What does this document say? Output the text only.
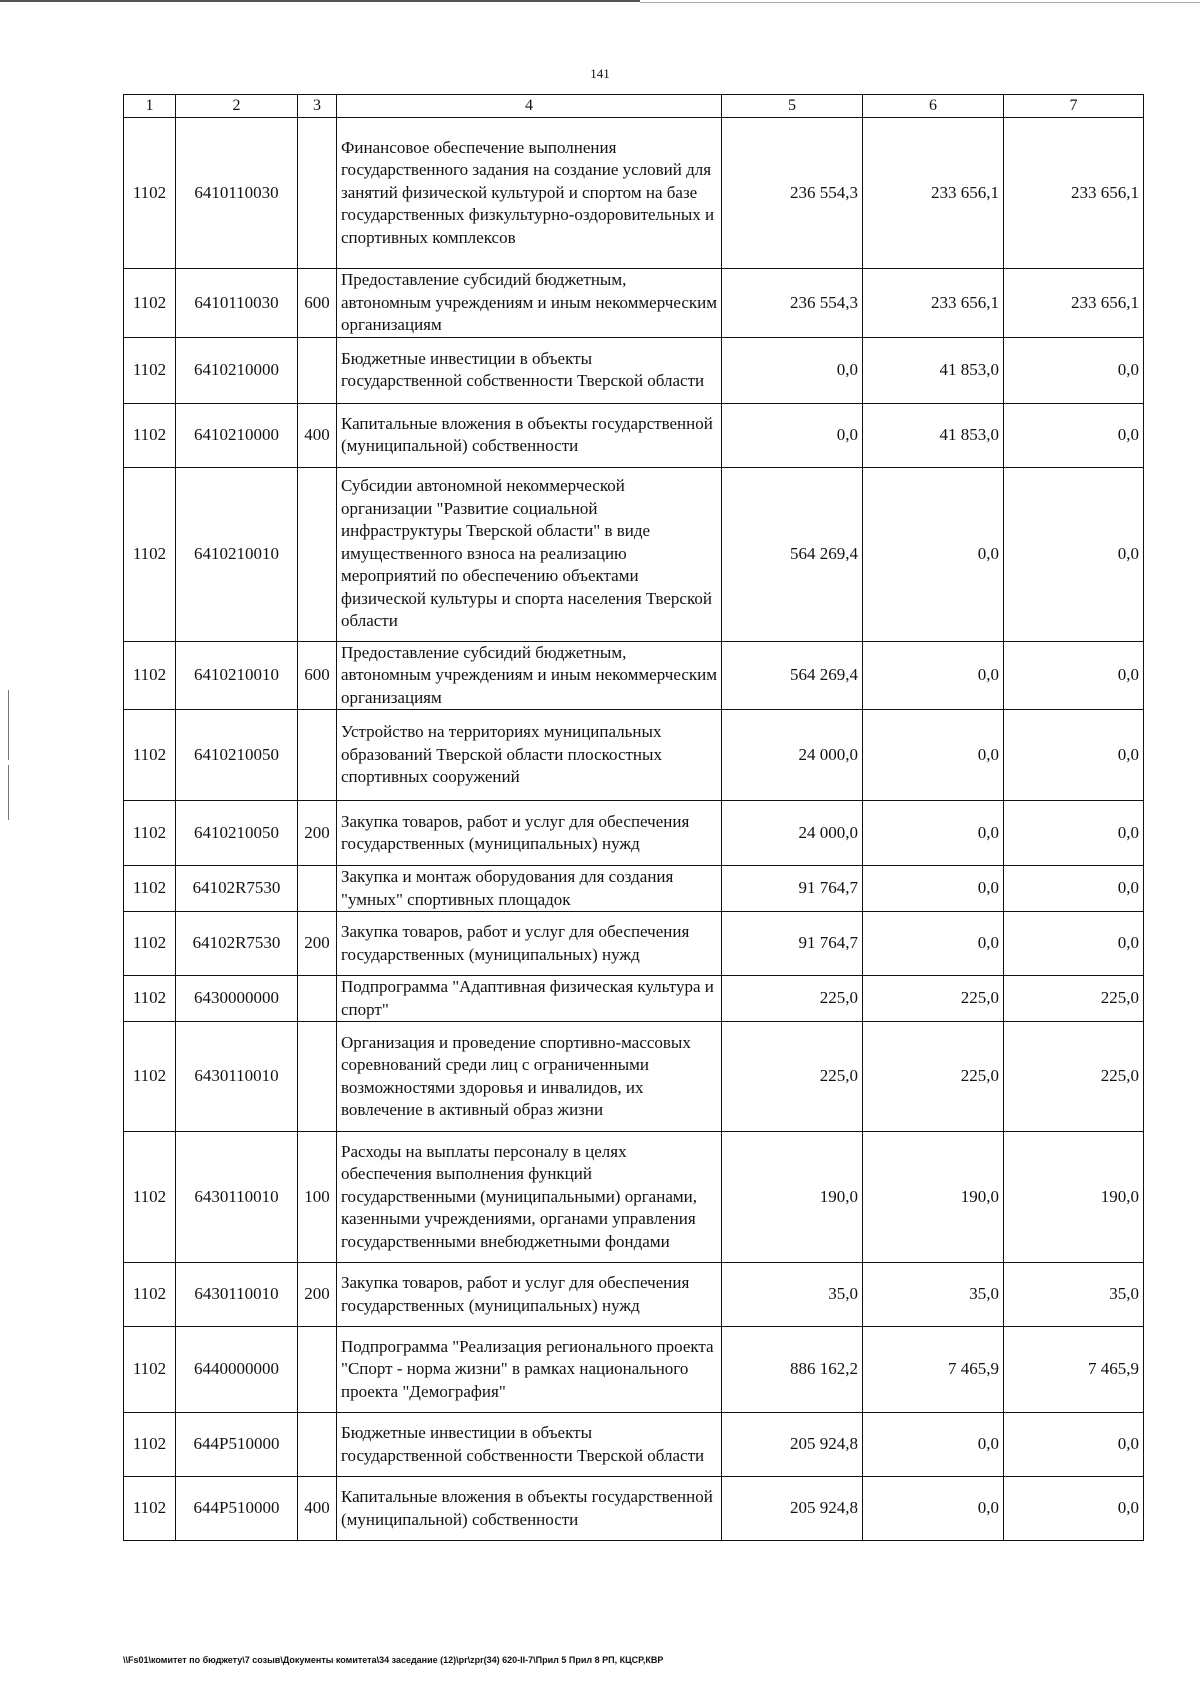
141
1	2	3	4	5	6	7
1102	6410110030		Финансовое обеспечение выполнения государственного задания на создание условий для занятий физической культурой и спортом на базе государственных физкультурно-оздоровительных и спортивных комплексов	236 554,3	233 656,1	233 656,1
1102	6410110030	600	Предоставление субсидий бюджетным, автономным учреждениям и иным некоммерческим организациям	236 554,3	233 656,1	233 656,1
1102	6410210000		Бюджетные инвестиции в объекты государственной собственности Тверской области	0,0	41 853,0	0,0
1102	6410210000	400	Капитальные вложения в объекты государственной (муниципальной) собственности	0,0	41 853,0	0,0
1102	6410210010		Субсидии автономной некоммерческой организации "Развитие социальной инфраструктуры Тверской области" в виде имущественного взноса на реализацию мероприятий по обеспечению объектами физической культуры и спорта населения Тверской области	564 269,4	0,0	0,0
1102	6410210010	600	Предоставление субсидий бюджетным, автономным учреждениям и иным некоммерческим организациям	564 269,4	0,0	0,0
1102	6410210050		Устройство на территориях муниципальных образований Тверской области плоскостных спортивных сооружений	24 000,0	0,0	0,0
1102	6410210050	200	Закупка товаров, работ и услуг для обеспечения государственных (муниципальных) нужд	24 000,0	0,0	0,0
1102	64102R7530		Закупка и монтаж оборудования для создания "умных" спортивных площадок	91 764,7	0,0	0,0
1102	64102R7530	200	Закупка товаров, работ и услуг для обеспечения государственных (муниципальных) нужд	91 764,7	0,0	0,0
1102	6430000000		Подпрограмма "Адаптивная физическая культура и спорт"	225,0	225,0	225,0
1102	6430110010		Организация и проведение спортивно-массовых соревнований среди лиц с ограниченными возможностями здоровья и инвалидов, их вовлечение в активный образ жизни	225,0	225,0	225,0
1102	6430110010	100	Расходы на выплаты персоналу в целях обеспечения выполнения функций государственными (муниципальными) органами, казенными учреждениями, органами управления государственными внебюджетными фондами	190,0	190,0	190,0
1102	6430110010	200	Закупка товаров, работ и услуг для обеспечения государственных (муниципальных) нужд	35,0	35,0	35,0
1102	6440000000		Подпрограмма "Реализация регионального проекта "Спорт - норма жизни" в рамках национального проекта "Демография"	886 162,2	7 465,9	7 465,9
1102	644P510000		Бюджетные инвестиции в объекты государственной собственности Тверской области	205 924,8	0,0	0,0
1102	644P510000	400	Капитальные вложения в объекты государственной (муниципальной) собственности	205 924,8	0,0	0,0
\\Fs01\комитет по бюджету\7 созыв\Документы комитета\34 заседание (12)\pr\zpr(34) 620-II-7\Прил 5 Прил 8 РП, КЦСР,КВР
